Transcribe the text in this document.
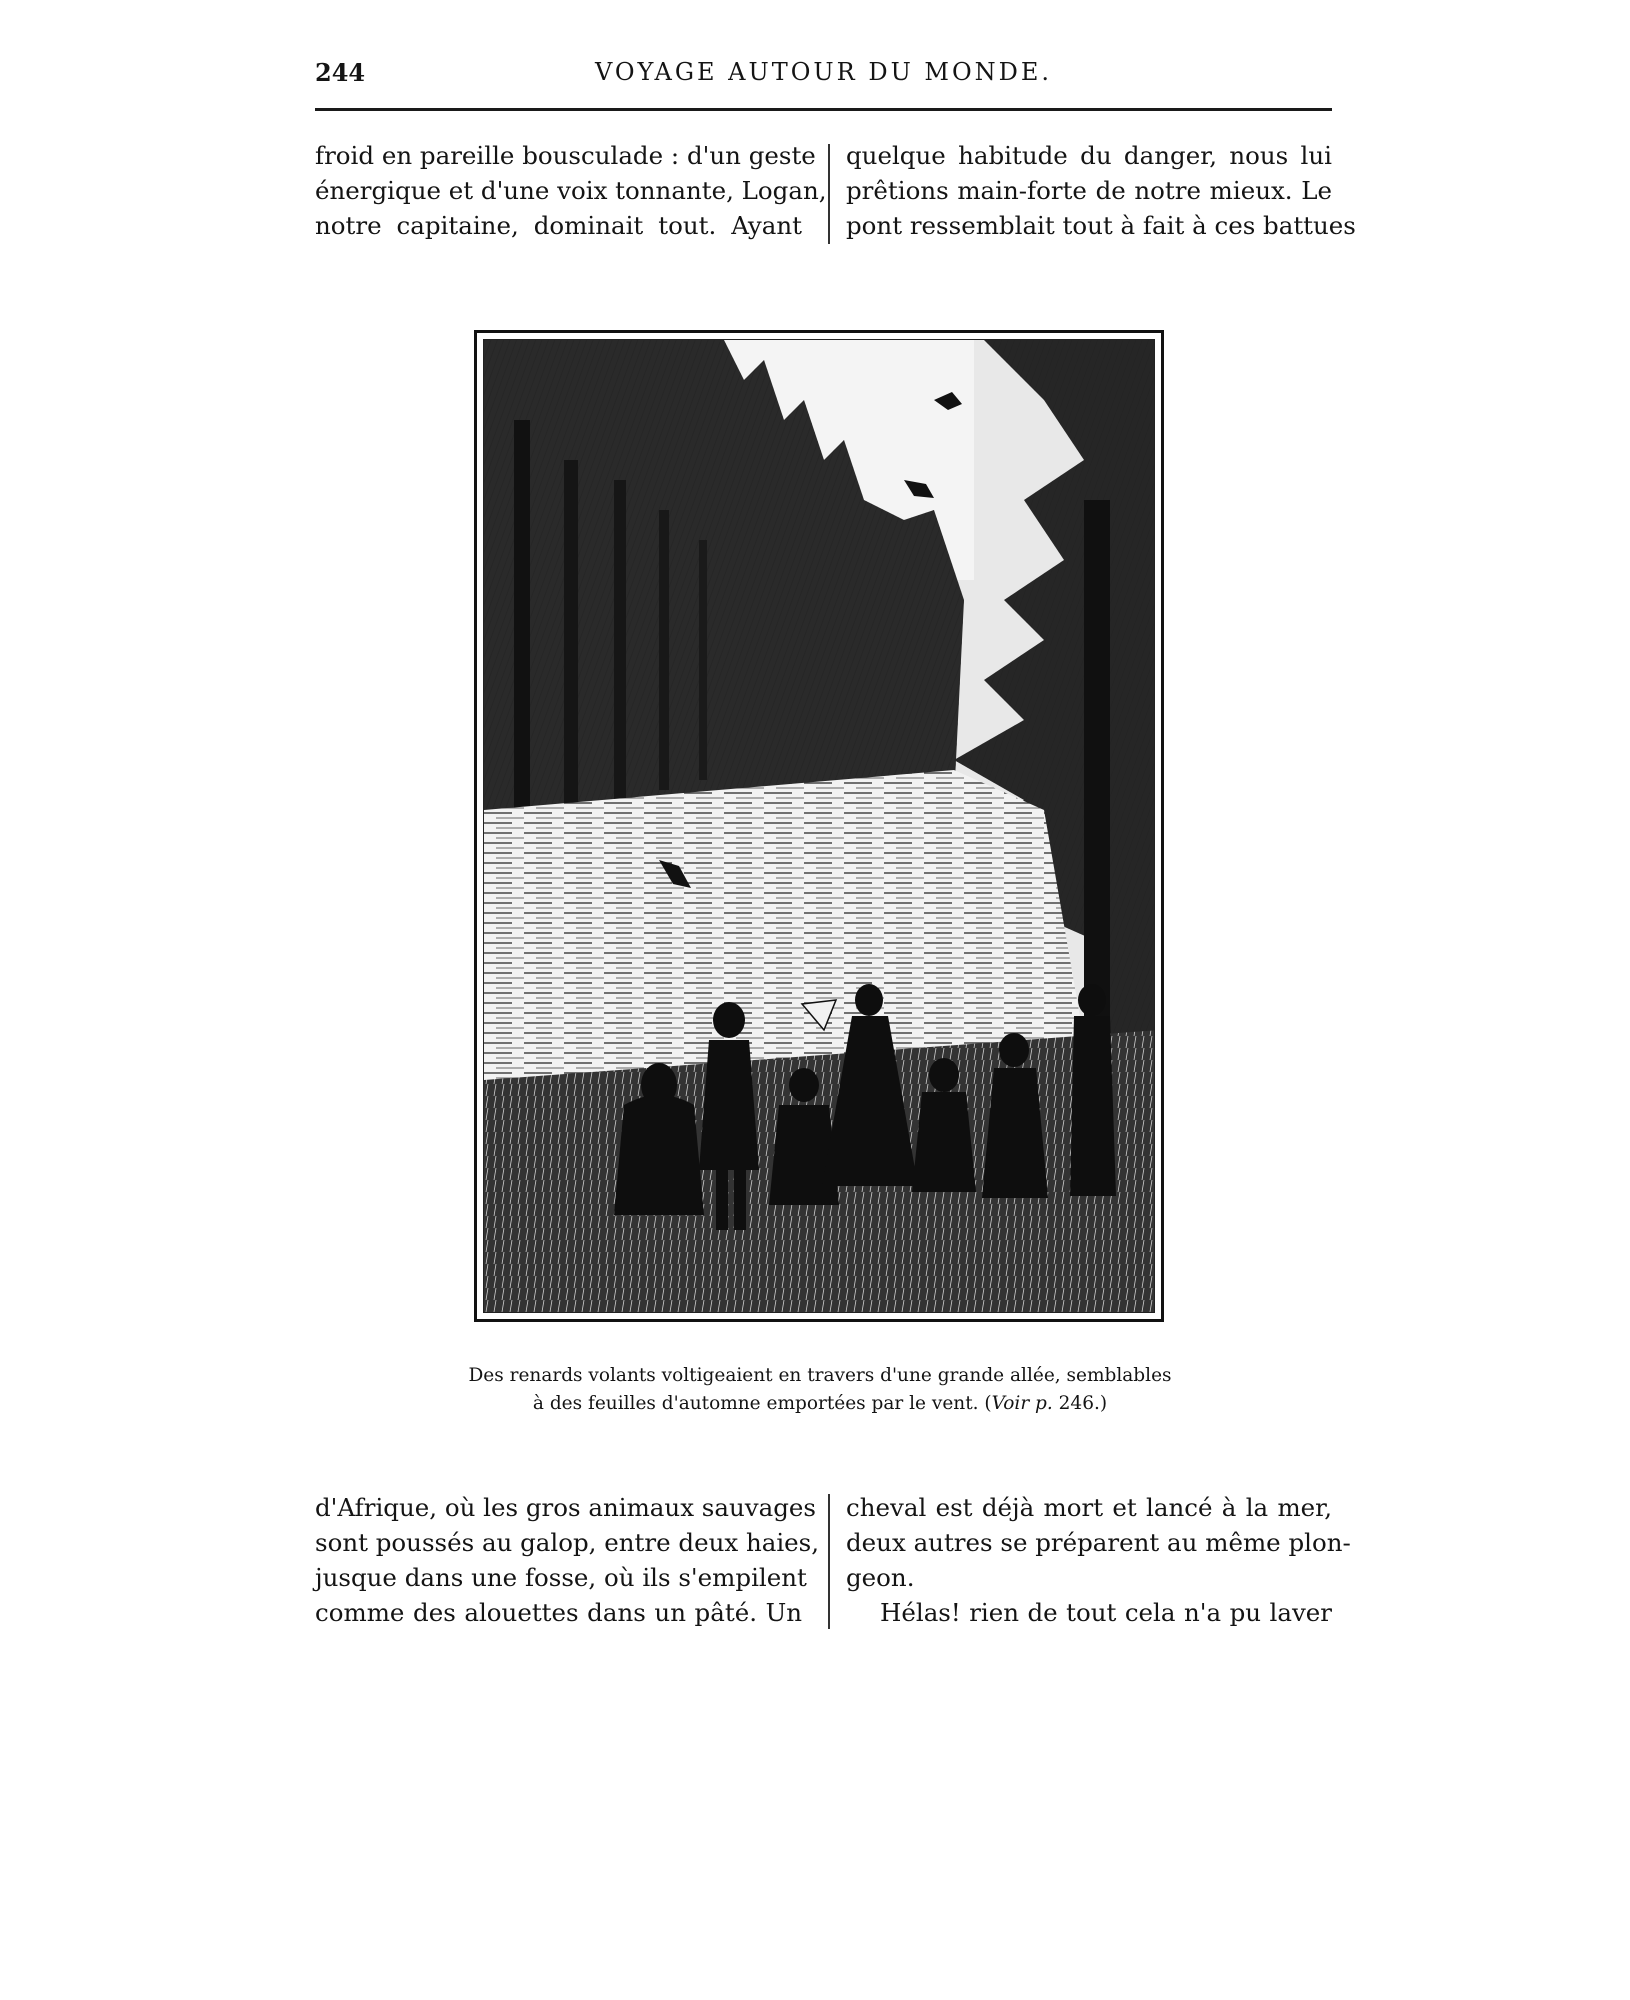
244	VOYAGE AUTOUR DU MONDE.
froid en pareille bousculade : d'un geste
énergique et d'une voix tonnante, Logan,
notre capitaine, dominait tout. Ayant
quelque habitude du danger, nous lui
prêtions main-forte de notre mieux. Le
pont ressemblait tout à fait à ces battues
Des renards volants voltigeaient en travers d'une grande allée, semblables
à des feuilles d'automne emportées par le vent. (Voir p. 246.)
d'Afrique, où les gros animaux sauvages
sont poussés au galop, entre deux haies,
jusque dans une fosse, où ils s'empilent
comme des alouettes dans un pâté. Un
cheval est déjà mort et lancé à la mer,
deux autres se préparent au même plon-
geon.
Hélas! rien de tout cela n'a pu laver
